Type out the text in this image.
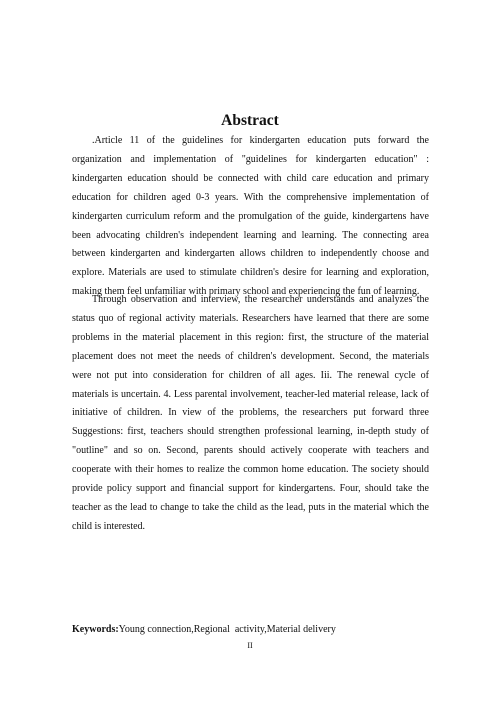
Abstract

.Article 11 of the guidelines for kindergarten education puts forward the organization and implementation of "guidelines for kindergarten education" : kindergarten education should be connected with child care education and primary education for children aged 0-3 years. With the comprehensive implementation of kindergarten curriculum reform and the promulgation of the guide, kindergartens have been advocating children's independent learning and learning. The connecting area between kindergarten and kindergarten allows children to independently choose and explore. Materials are used to stimulate children's desire for learning and exploration, making them feel unfamiliar with primary school and experiencing the fun of learning.

Through observation and interview, the researcher understands and analyzes the status quo of regional activity materials. Researchers have learned that there are some problems in the material placement in this region: first, the structure of the material placement does not meet the needs of children's development. Second, the materials were not put into consideration for children of all ages. Iii. The renewal cycle of materials is uncertain. 4. Less parental involvement, teacher-led material release, lack of initiative of children. In view of the problems, the researchers put forward three Suggestions: first, teachers should strengthen professional learning, in-depth study of "outline" and so on. Second, parents should actively cooperate with teachers and cooperate with their homes to realize the common home education. The society should provide policy support and financial support for kindergartens. Four, should take the teacher as the lead to change to take the child as the lead, puts in the material which the child is interested.

Keywords:Young connection,Regional  activity,Material delivery

II
